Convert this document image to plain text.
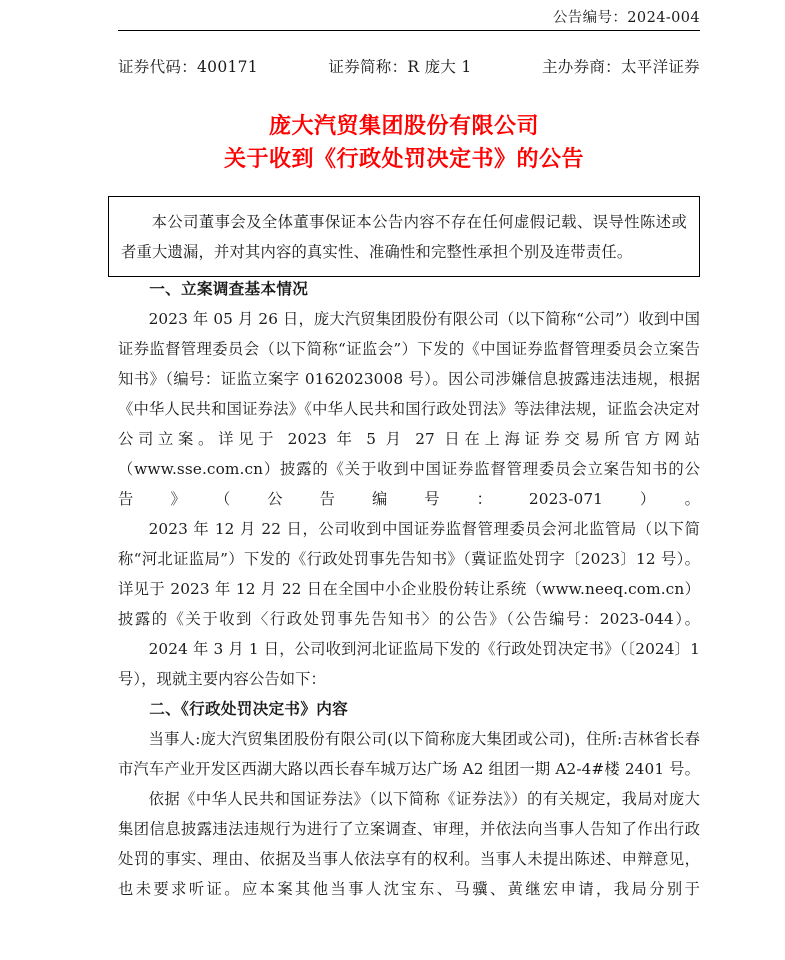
公告编号：2024-004
证券代码：400171	证券简称：R 庞大 1	主办券商：太平洋证券
庞大汽贸集团股份有限公司
关于收到《行政处罚决定书》的公告

本公司董事会及全体董事保证本公告内容不存在任何虚假记载、误导性陈述或者重大遗漏，并对其内容的真实性、准确性和完整性承担个别及连带责任。

一、立案调查基本情况

2023 年 05 月 26 日，庞大汽贸集团股份有限公司（以下简称“公司”）收到中国证券监督管理委员会（以下简称“证监会”）下发的《中国证券监督管理委员会立案告知书》（编号：证监立案字 0162023008 号）。因公司涉嫌信息披露违法违规，根据《中华人民共和国证券法》《中华人民共和国行政处罚法》等法律法规，证监会决定对公司立案。详见于 2023 年 5 月 27 日在上海证券交易所官方网站（www.sse.com.cn）披露的《关于收到中国证券监督管理委员会立案告知书的公告》（公告编号：2023-071）。

2023 年 12 月 22 日，公司收到中国证券监督管理委员会河北监管局（以下简称“河北证监局”）下发的《行政处罚事先告知书》（冀证监处罚字〔2023〕12 号）。详见于 2023 年 12 月 22 日在全国中小企业股份转让系统（www.neeq.com.cn）披露的《关于收到〈行政处罚事先告知书〉的公告》（公告编号：2023-044）。

2024 年 3 月 1 日，公司收到河北证监局下发的《行政处罚决定书》（〔2024〕1 号），现就主要内容公告如下：

二、《行政处罚决定书》内容

当事人:庞大汽贸集团股份有限公司(以下简称庞大集团或公司)，住所:吉林省长春市汽车产业开发区西湖大路以西长春车城万达广场 A2 组团一期 A2-4#楼 2401 号。

依据《中华人民共和国证券法》（以下简称《证券法》）的有关规定，我局对庞大集团信息披露违法违规行为进行了立案调查、审理，并依法向当事人告知了作出行政处罚的事实、理由、依据及当事人依法享有的权利。当事人未提出陈述、申辩意见，也未要求听证。应本案其他当事人沈宝东、马骥、黄继宏申请，我局分别于
